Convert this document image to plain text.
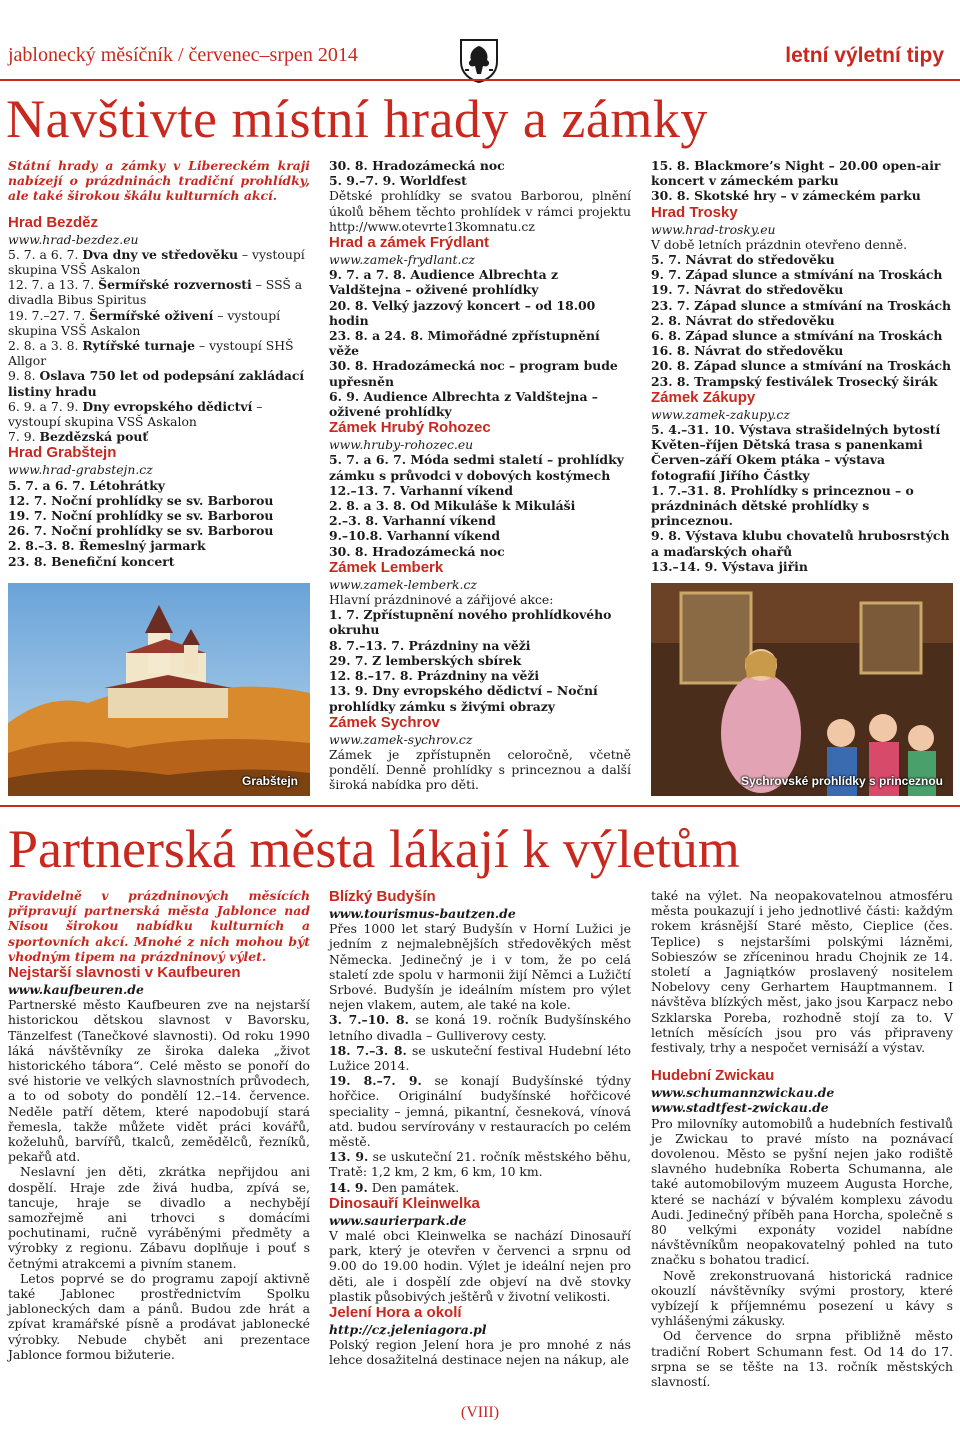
jablonecký měsíčník / červenec–srpen 2014	letní výletní tipy
Navštivte místní hrady a zámky

Státní hrady a zámky v Libereckém kraji nabízejí o prázdninách tradiční prohlídky, ale také širokou škálu kulturních akcí.

Hrad Bezděz
www.hrad-bezdez.eu
5. 7. a 6. 7. Dva dny ve středověku – vystoupí skupina VSŠ Askalon
12. 7. a 13. 7. Šermířské rozvernosti – SSŠ a divadla Bibus Spiritus
19. 7.–27. 7. Šermířské oživení – vystoupí skupina VSŠ Askalon
2. 8. a 3. 8. Rytířské turnaje – vystoupí SHŠ Allgor
9. 8. Oslava 750 let od podepsání zakládací listiny hradu
6. 9. a 7. 9. Dny evropského dědictví – vystoupí skupina VSŠ Askalon
7. 9. Bezdězská pouť
Hrad Grabštejn
www.hrad-grabstejn.cz
5. 7. a 6. 7. Létohrátky
12. 7. Noční prohlídky se sv. Barborou
19. 7. Noční prohlídky se sv. Barborou
26. 7. Noční prohlídky se sv. Barborou
2. 8.–3. 8. Řemeslný jarmark
23. 8. Benefiční koncert
Grabštejn
30. 8. Hradozámecká noc
5. 9.–7. 9. Worldfest

Dětské prohlídky se svatou Barborou, plnění úkolů během těchto prohlídek v rámci projektu http://www.otevrte13komnatu.cz

Hrad a zámek Frýdlant
www.zamek-frydlant.cz
9. 7. a 7. 8. Audience Albrechta z Valdštejna – oživené prohlídky
20. 8. Velký jazzový koncert – od 18.00 hodin
23. 8. a 24. 8. Mimořádné zpřístupnění věže
30. 8. Hradozámecká noc – program bude upřesněn
6. 9. Audience Albrechta z Valdštejna – oživené prohlídky
Zámek Hrubý Rohozec
www.hruby-rohozec.eu
5. 7. a 6. 7. Móda sedmi staletí – prohlídky zámku s průvodci v dobových kostýmech
12.–13. 7. Varhanní víkend
2. 8. a 3. 8. Od Mikuláše k Mikuláši
2.–3. 8. Varhanní víkend
9.–10.8. Varhanní víkend
30. 8. Hradozámecká noc
Zámek Lemberk
www.zamek-lemberk.cz
Hlavní prázdninové a zářijové akce:
1. 7. Zpřístupnění nového prohlídkového okruhu
8. 7.–13. 7. Prázdniny na věži
29. 7. Z lemberských sbírek
12. 8.–17. 8. Prázdniny na věži
13. 9. Dny evropského dědictví – Noční prohlídky zámku s živými obrazy
Zámek Sychrov
www.zamek-sychrov.cz

Zámek je zpřístupněn celoročně, včetně pondělí. Denně prohlídky s princeznou a další široká nabídka pro děti.

15. 8. Blackmore’s Night – 20.00 open-air koncert v zámeckém parku
30. 8. Skotské hry – v zámeckém parku
Hrad Trosky
www.hrad-trosky.eu
V době letních prázdnin otevřeno denně.
5. 7. Návrat do středověku
9. 7. Západ slunce a stmívání na Troskách
19. 7. Návrat do středověku
23. 7. Západ slunce a stmívání na Troskách
2. 8. Návrat do středověku
6. 8. Západ slunce a stmívání na Troskách
16. 8. Návrat do středověku
20. 8. Západ slunce a stmívání na Troskách
23. 8. Trampský festiválek Trosecký širák
Zámek Zákupy
www.zamek-zakupy.cz
5. 4.–31. 10. Výstava strašidelných bytostí
Květen–říjen Dětská trasa s panenkami
Červen–září Okem ptáka – výstava fotografií Jiřího Částky
1. 7.–31. 8. Prohlídky s princeznou – o prázdninách dětské prohlídky s princeznou.
9. 8. Výstava klubu chovatelů hrubosrstých a maďarských ohařů
13.–14. 9. Výstava jiřin
Sychrovské prohlídky s princeznou
Partnerská města lákají k výletům

Pravidelně v prázdninových měsících připravují partnerská města Jablonce nad Nisou širokou nabídku kulturních a sportovních akcí. Mnohé z nich mohou být vhodným tipem na prázdninový výlet.

Nejstarší slavnosti v Kaufbeuren
www.kaufbeuren.de

Partnerské město Kaufbeuren zve na nejstarší historickou dětskou slavnost v Bavorsku, Tänzelfest (Tanečkové slavnosti). Od roku 1990 láká návštěvníky ze široka daleka „život historického tábora“. Celé město se ponoří do své historie ve velkých slavnostních průvodech, a to od soboty do pondělí 12.–14. července. Neděle patří dětem, které napodobují stará řemesla, takže můžete vidět práci kovářů, koželuhů, barvířů, tkalců, zemědělců, řezníků, pekařů atd.

Neslavní jen děti, zkrátka nepřijdou ani dospělí. Hraje zde živá hudba, zpívá se, tancuje, hraje se divadlo a nechybějí samozřejmě ani trhovci s domácími pochutinami, ručně vyráběnými předměty a výrobky z regionu. Zábavu doplňuje i pouť s četnými atrakcemi a pivním stanem.

Letos poprvé se do programu zapojí aktivně také Jablonec prostřednictvím Spolku jabloneckých dam a pánů. Budou zde hrát a zpívat kramářské písně a prodávat jablonecké výrobky. Nebude chybět ani prezentace Jablonce formou bižuterie.

Blízký Budyšín
www.tourismus-bautzen.de

Přes 1000 let starý Budyšín v Horní Lužici je jedním z nejmalebnějších středověkých měst Německa. Jedinečný je i v tom, že po celá staletí zde spolu v harmonii žijí Němci a Lužičtí Srbové. Budyšín je ideálním místem pro výlet nejen vlakem, autem, ale také na kole.

3. 7.–10. 8. se koná 19. ročník Budyšínského letního divadla – Gulliverovy cesty.
18. 7.–3. 8. se uskuteční festival Hudební léto Lužice 2014.
19. 8.–7. 9. se konají Budyšínské týdny hořčice. Originální budyšínské hořčicové speciality – jemná, pikantní, česneková, vínová atd. budou servírovány v restauracích po celém městě.
13. 9. se uskuteční 21. ročník městského běhu, Tratě: 1,2 km, 2 km, 6 km, 10 km.
14. 9. Den památek.
Dinosauří Kleinwelka
www.saurierpark.de

V malé obci Kleinwelka se nachází Dinosauří park, který je otevřen v červenci a srpnu od 9.00 do 19.00 hodin. Výlet je ideální nejen pro děti, ale i dospělí zde objeví na dvě stovky plastik působivých ještěrů v životní velikosti.

Jelení Hora a okolí
http://cz.jeleniagora.pl

Polský region Jelení hora je pro mnohé z nás lehce dosažitelná destinace nejen na nákup, ale

také na výlet. Na neopakovatelnou atmosféru města poukazují i jeho jednotlivé části: každým rokem krásnější Staré město, Cieplice (čes. Teplice) s nejstaršími polskými lázněmi, Sobieszów se zříceninou hradu Chojnik ze 14. století a Jagniątków proslavený nositelem Nobelovy ceny Gerhartem Hauptmannem. I návštěva blízkých měst, jako jsou Karpacz nebo Szklarska Poreba, rozhodně stojí za to. V letních měsících jsou pro vás připraveny festivaly, trhy a nespočet vernisáží a výstav.

Hudební Zwickau
www.schumannzwickau.de
www.stadtfest-zwickau.de

Pro milovníky automobilů a hudebních festivalů je Zwickau to pravé místo na poznávací dovolenou. Město se pyšní nejen jako rodiště slavného hudebníka Roberta Schumanna, ale také automobilovým muzeem Augusta Horche, které se nachází v bývalém komplexu závodu Audi. Jedinečný příběh pana Horcha, společně s 80 velkými exponáty vozidel nabídne návštěvníkům neopakovatelný pohled na tuto značku s bohatou tradicí.

Nově zrekonstruovaná historická radnice okouzlí návštěvníky svými prostory, které vybízejí k příjemnému posezení u kávy s vyhlášenými zákusky.

Od července do srpna přibližně město tradiční Robert Schumann fest. Od 14 do 17. srpna se se těšte na 13. ročník městských slavností.

(VIII)
